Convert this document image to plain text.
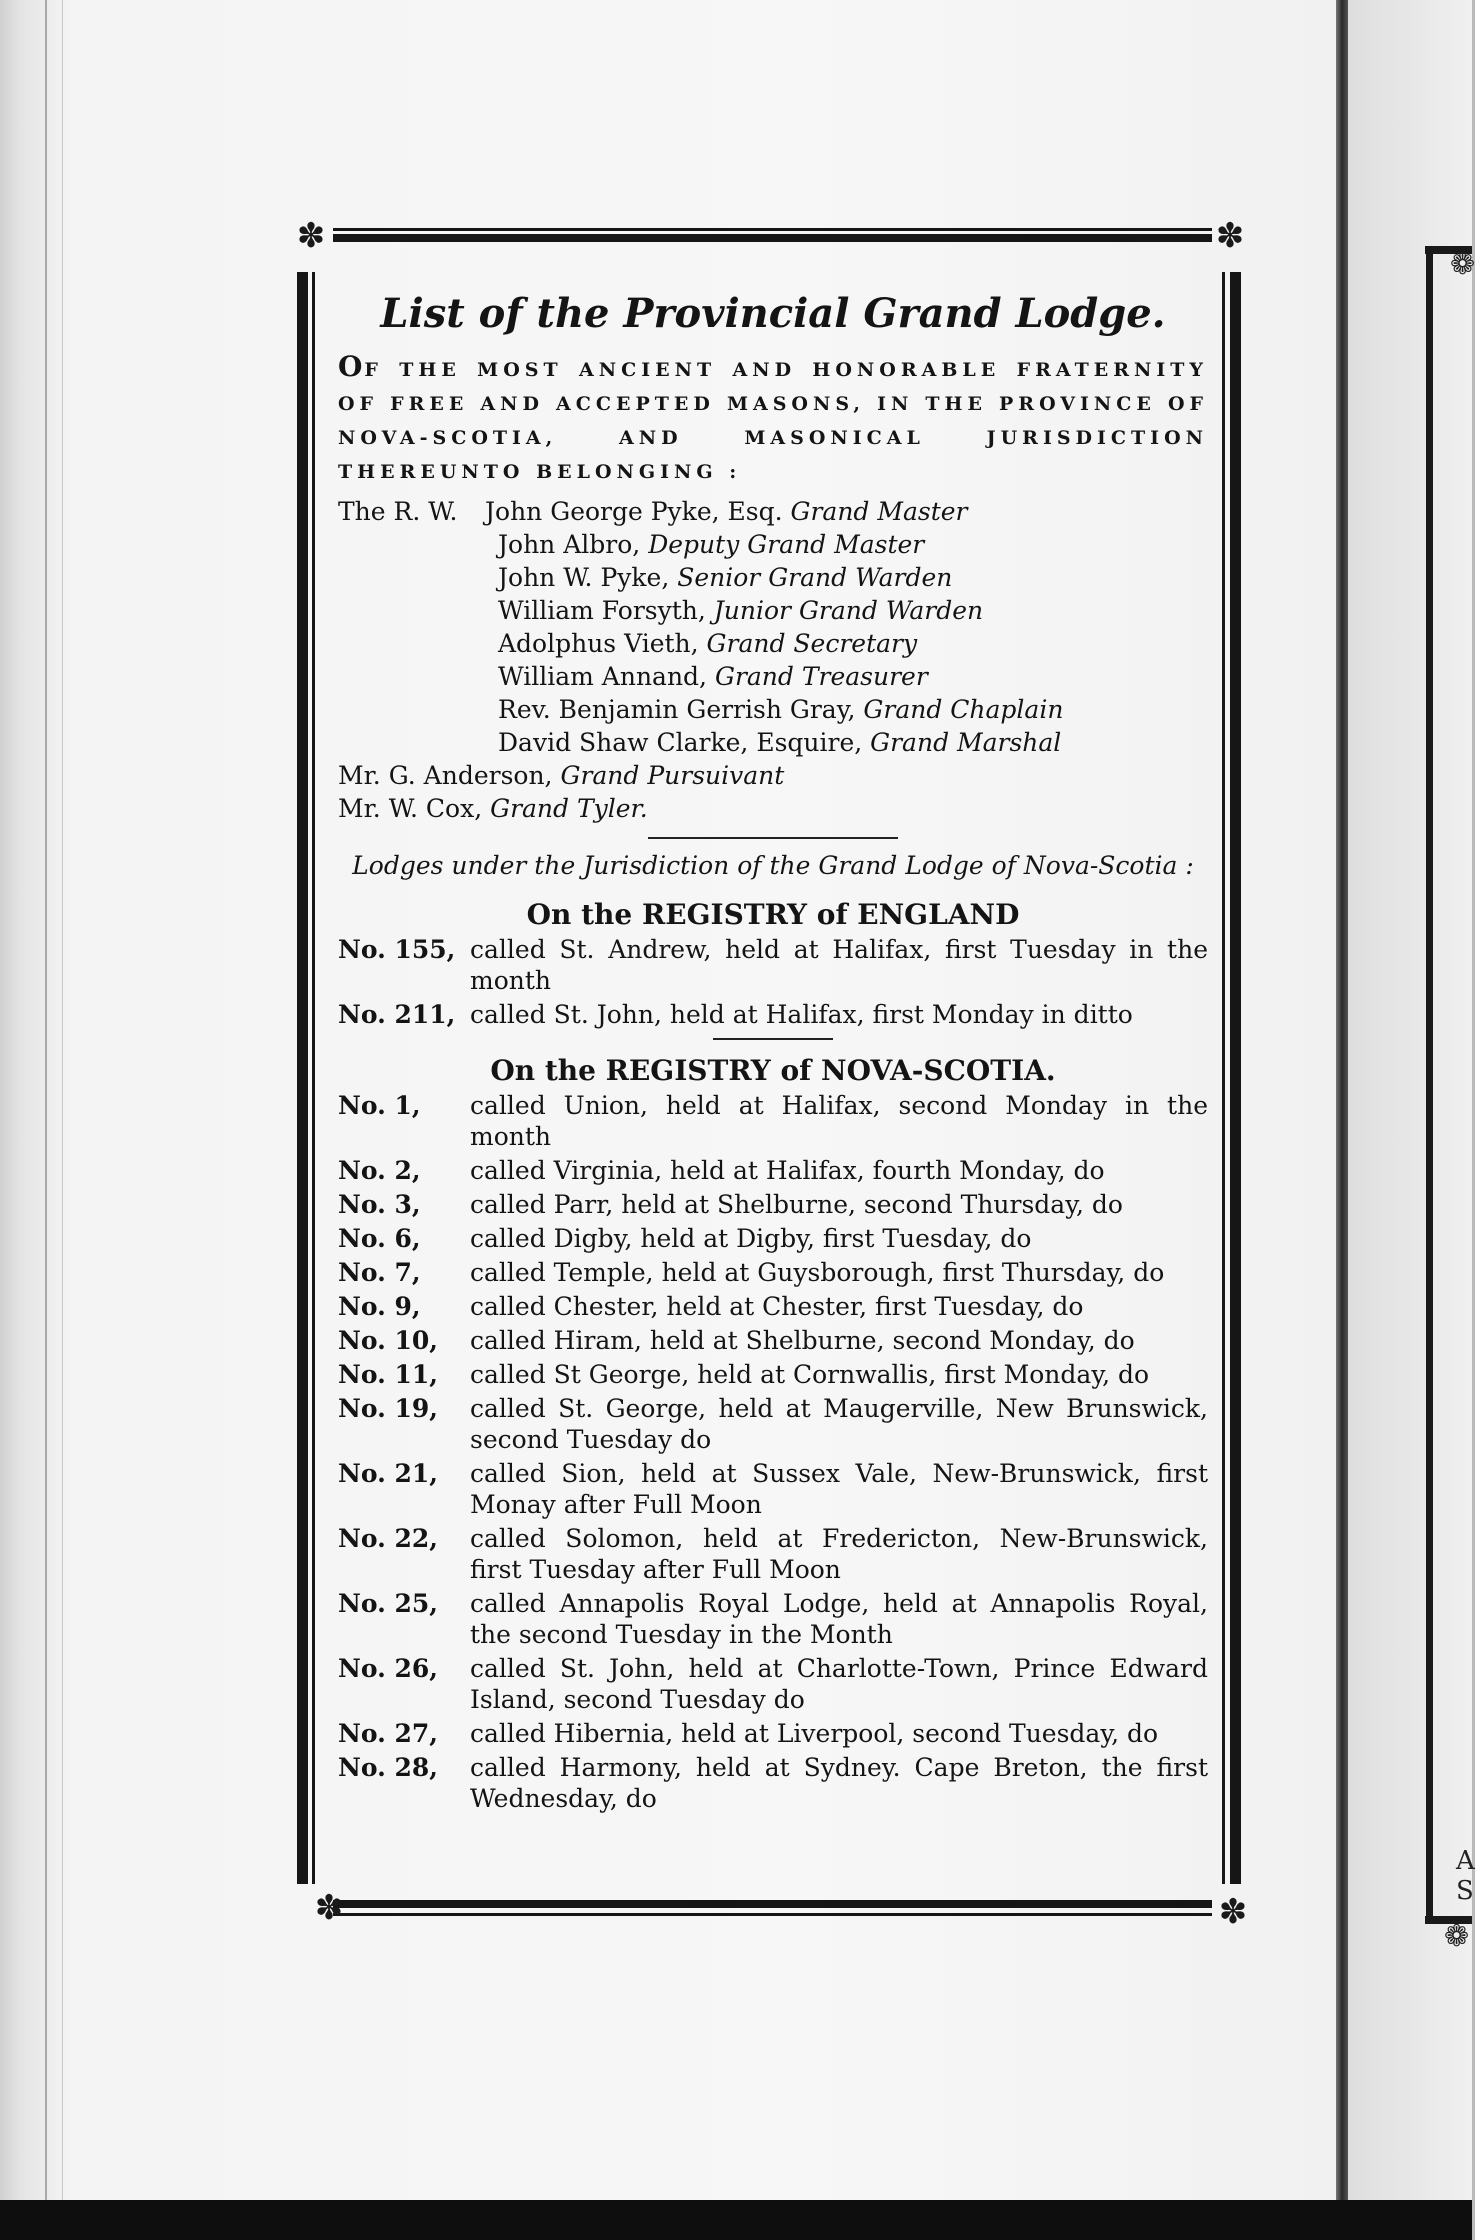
❁
❁
A
S
✽	✽
✽	✽
List of the Provincial Grand Lodge.

OF THE MOST ANCIENT AND HONORABLE FRATERNITY OF FREE AND ACCEPTED MASONS, IN THE PROVINCE OF NOVA-SCOTIA, AND MASONICAL JURISDICTION THEREUNTO BELONGING :

The R. W. John George Pyke, Esq. Grand Master
John Albro, Deputy Grand Master
John W. Pyke, Senior Grand Warden
William Forsyth, Junior Grand Warden
Adolphus Vieth, Grand Secretary
William Annand, Grand Treasurer
Rev. Benjamin Gerrish Gray, Grand Chaplain
David Shaw Clarke, Esquire, Grand Marshal
Mr. G. Anderson, Grand Pursuivant
Mr. W. Cox, Grand Tyler.

Lodges under the Jurisdiction of the Grand Lodge of Nova-Scotia :

On the REGISTRY of ENGLAND
No. 155, called St. Andrew, held at Halifax, first Tuesday in the month
No. 211, called St. John, held at Halifax, first Monday in ditto
On the REGISTRY of NOVA-SCOTIA.
No. 1,	called Union, held at Halifax, second Monday in the month
No. 2,	called Virginia, held at Halifax, fourth Monday, do
No. 3,	called Parr, held at Shelburne, second Thursday, do
No. 6,	called Digby, held at Digby, first Tuesday, do
No. 7,	called Temple, held at Guysborough, first Thursday, do
No. 9,	called Chester, held at Chester, first Tuesday, do
No. 10,	called Hiram, held at Shelburne, second Monday, do
No. 11,	called St George, held at Cornwallis, first Monday, do
No. 19,	called St. George, held at Maugerville, New Brunswick, second Tuesday do
No. 21,	called Sion, held at Sussex Vale, New-Brunswick, first Monay after Full Moon
No. 22,	called Solomon, held at Fredericton, New-Brunswick, first Tuesday after Full Moon
No. 25,	called Annapolis Royal Lodge, held at Annapolis Royal, the second Tuesday in the Month
No. 26,	called St. John, held at Charlotte-Town, Prince Edward Island, second Tuesday do
No. 27,	called Hibernia, held at Liverpool, second Tuesday, do
No. 28,	called Harmony, held at Sydney. Cape Breton, the first Wednesday, do
